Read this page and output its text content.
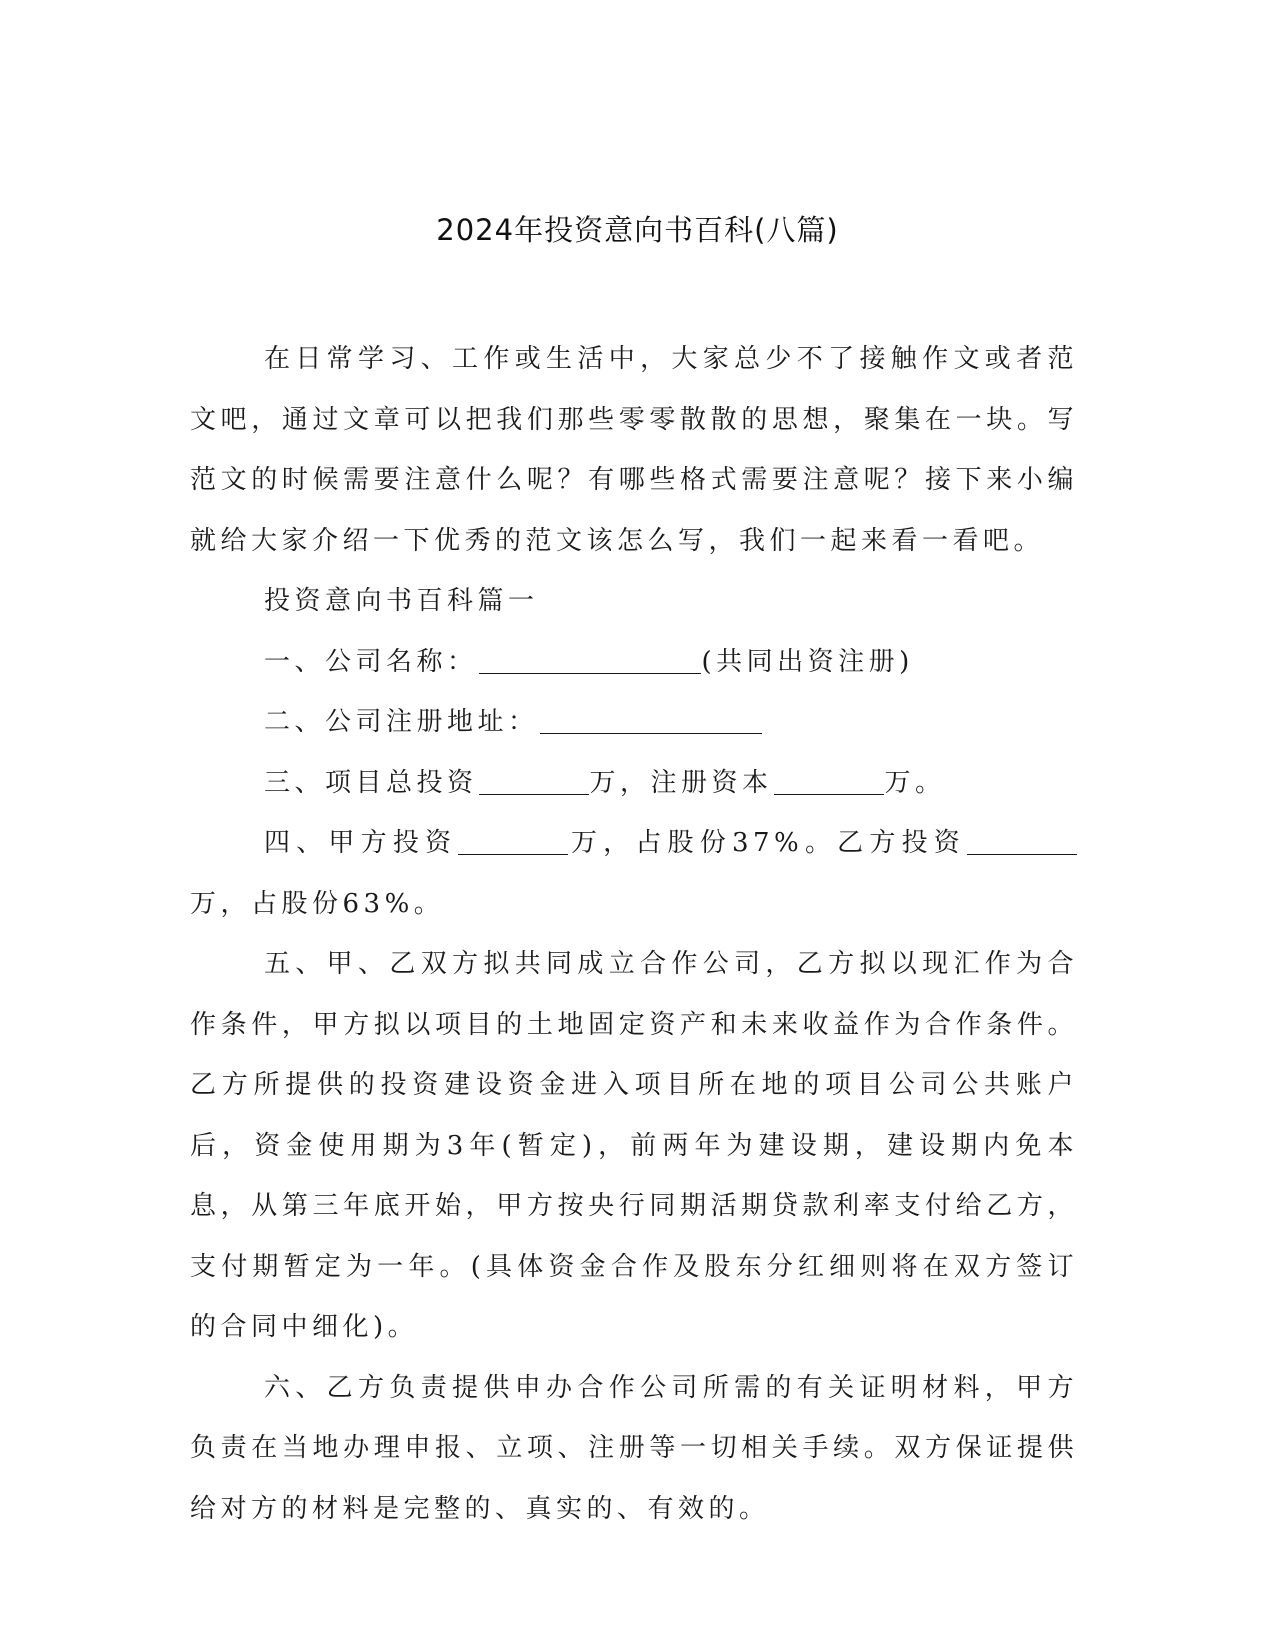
2024年投资意向书百科(八篇)

在日常学习、工作或生活中，大家总少不了接触作文或者范文吧，通过文章可以把我们那些零零散散的思想，聚集在一块。写范文的时候需要注意什么呢？有哪些格式需要注意呢？接下来小编就给大家介绍一下优秀的范文该怎么写，我们一起来看一看吧。

投资意向书百科篇一

一、公司名称：	(共同出资注册)

二、公司注册地址：

三、项目总投资	万，注册资本	万。

四、甲方投资	万，占股份37%。乙方投资万，占股份63%。

五、甲、乙双方拟共同成立合作公司，乙方拟以现汇作为合作条件，甲方拟以项目的土地固定资产和未来收益作为合作条件。乙方所提供的投资建设资金进入项目所在地的项目公司公共账户后，资金使用期为3年(暂定)，前两年为建设期，建设期内免本息，从第三年底开始，甲方按央行同期活期贷款利率支付给乙方，支付期暂定为一年。(具体资金合作及股东分红细则将在双方签订的合同中细化)。

六、乙方负责提供申办合作公司所需的有关证明材料，甲方负责在当地办理申报、立项、注册等一切相关手续。双方保证提供给对方的材料是完整的、真实的、有效的。
